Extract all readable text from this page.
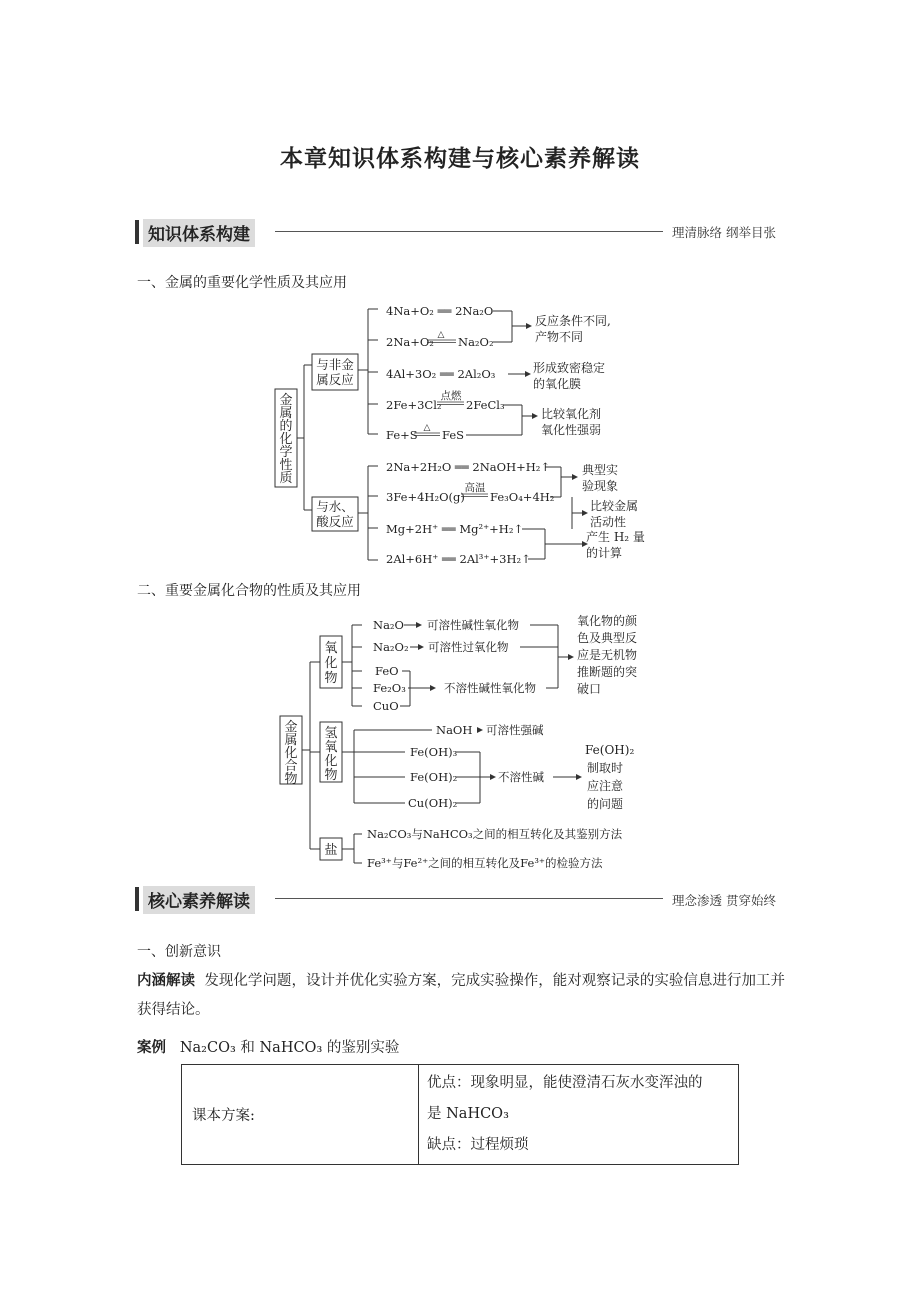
本章知识体系构建与核心素养解读
知识体系构建	理清脉络 纲举目张
一、金属的重要化学性质及其应用
金
属
的
化
学
性
质
与非金
属反应
与水、
酸反应
4Na+O₂ ══ 2Na₂O
2Na+O₂ △ Na₂O₂
4Al+3O₂ ══ 2Al₂O₃
2Fe+3Cl₂
点燃
2FeCl₃
Fe+S △ FeS
2Na+2H₂O ══ 2NaOH+H₂↑
3Fe+4H₂O(g)
高温
Fe₃O₄+4H₂
Mg+2H⁺ ══ Mg²⁺+H₂↑
2Al+6H⁺ ══ 2Al³⁺+3H₂↑
反应条件不同,
产物不同
形成致密稳定
的氧化膜
比较氧化剂
氧化性强弱
典型实
验现象
比较金属
活动性
产生 H₂ 量
的计算
金
属
化
合
物
氧
化
物
氢
氧
化
物
盐
Na₂O 可溶性碱性氧化物
Na₂O₂ 可溶性过氧化物
FeO
Fe₂O₃
CuO
不溶性碱性氧化物
NaOH 可溶性强碱
Fe(OH)₃
Fe(OH)₂
Cu(OH)₂
不溶性碱
Na₂CO₃与NaHCO₃之间的相互转化及其鉴别方法
Fe³⁺与Fe²⁺之间的相互转化及Fe³⁺的检验方法
氧化物的颜
色及典型反
应是无机物
推断题的突
破口
Fe(OH)₂
制取时
应注意
的问题
二、重要金属化合物的性质及其应用
核心素养解读	理念渗透 贯穿始终
一、创新意识
内涵解读 发现化学问题，设计并优化实验方案，完成实验操作，能对观察记录的实验信息进行加工并获得结论。
案例 Na₂CO₃ 和 NaHCO₃ 的鉴别实验
课本方案:	
优点：现象明显，能使澄清石灰水变浑浊的
是 NaHCO₃
缺点：过程烦琐
